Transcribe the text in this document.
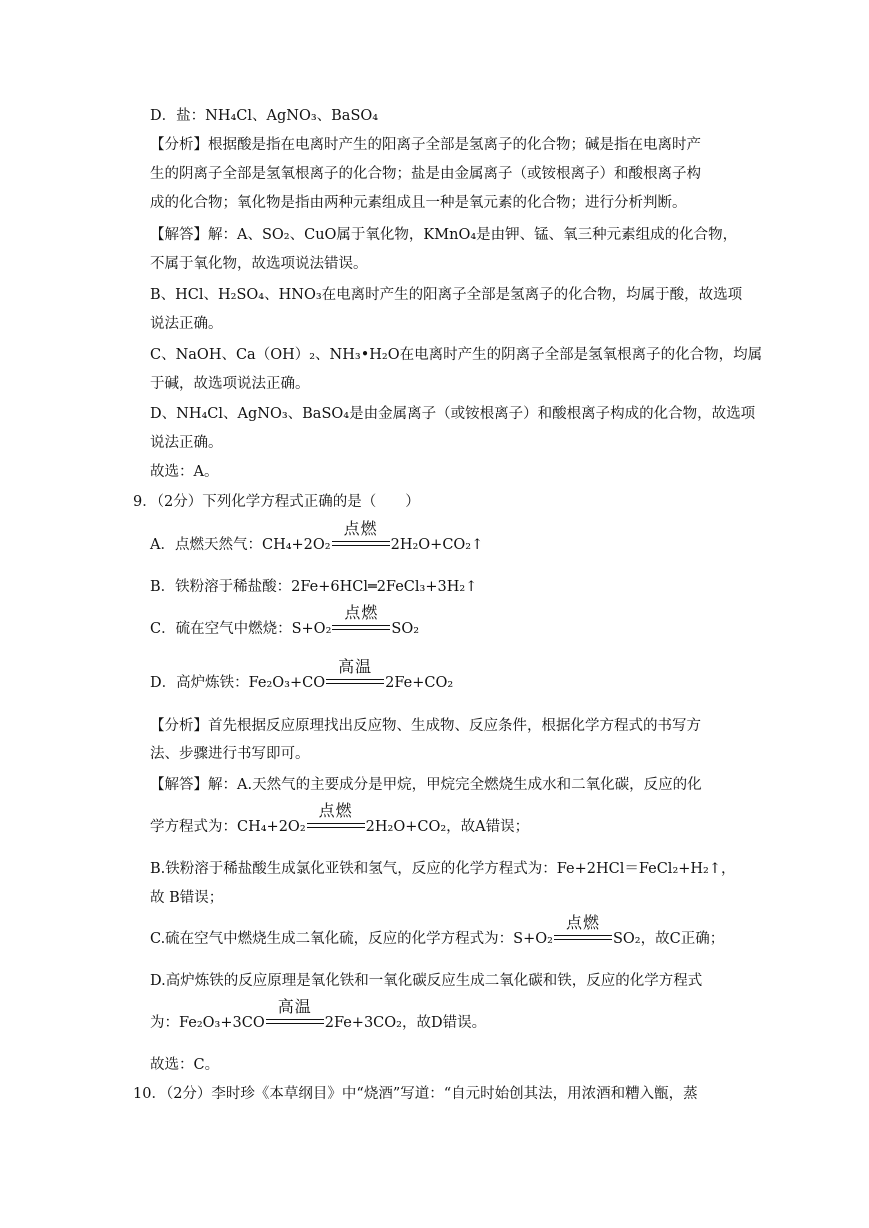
D．盐：NH₄Cl、AgNO₃、BaSO₄
【分析】根据酸是指在电离时产生的阳离子全部是氢离子的化合物；碱是指在电离时产
生的阴离子全部是氢氧根离子的化合物；盐是由金属离子（或铵根离子）和酸根离子构
成的化合物；氧化物是指由两种元素组成且一种是氧元素的化合物；进行分析判断。
【解答】解：A、SO₂、CuO属于氧化物，KMnO₄是由钾、锰、氧三种元素组成的化合物，
不属于氧化物，故选项说法错误。
B、HCl、H₂SO₄、HNO₃在电离时产生的阳离子全部是氢离子的化合物，均属于酸，故选项
说法正确。
C、NaOH、Ca（OH）₂、NH₃•H₂O在电离时产生的阴离子全部是氢氧根离子的化合物，均属
于碱，故选项说法正确。
D、NH₄Cl、AgNO₃、BaSO₄是由金属离子（或铵根离子）和酸根离子构成的化合物，故选项
说法正确。
故选：A。
9．（2分）下列化学方程式正确的是（　　）
A．点燃天然气：CH₄+2O₂
点燃
2H₂O+CO₂↑
B．铁粉溶于稀盐酸：2Fe+6HCl═2FeCl₃+3H₂↑
C．硫在空气中燃烧：S+O₂
点燃
SO₂
D．高炉炼铁：Fe₂O₃+CO
高温
2Fe+CO₂
【分析】首先根据反应原理找出反应物、生成物、反应条件，根据化学方程式的书写方
法、步骤进行书写即可。
【解答】解：A.天然气的主要成分是甲烷，甲烷完全燃烧生成水和二氧化碳，反应的化
学方程式为：CH₄+2O₂
点燃
2H₂O+CO₂，故A错误；
B.铁粉溶于稀盐酸生成氯化亚铁和氢气，反应的化学方程式为：Fe+2HCl＝FeCl₂+H₂↑，
故 B错误；
C.硫在空气中燃烧生成二氧化硫，反应的化学方程式为：S+O₂
点燃
SO₂，故C正确；
D.高炉炼铁的反应原理是氧化铁和一氧化碳反应生成二氧化碳和铁，反应的化学方程式
为：Fe₂O₃+3CO
高温
2Fe+3CO₂，故D错误。
故选：C。
10．（2分）李时珍《本草纲目》中“烧酒”写道：“自元时始创其法，用浓酒和糟入甑，蒸
